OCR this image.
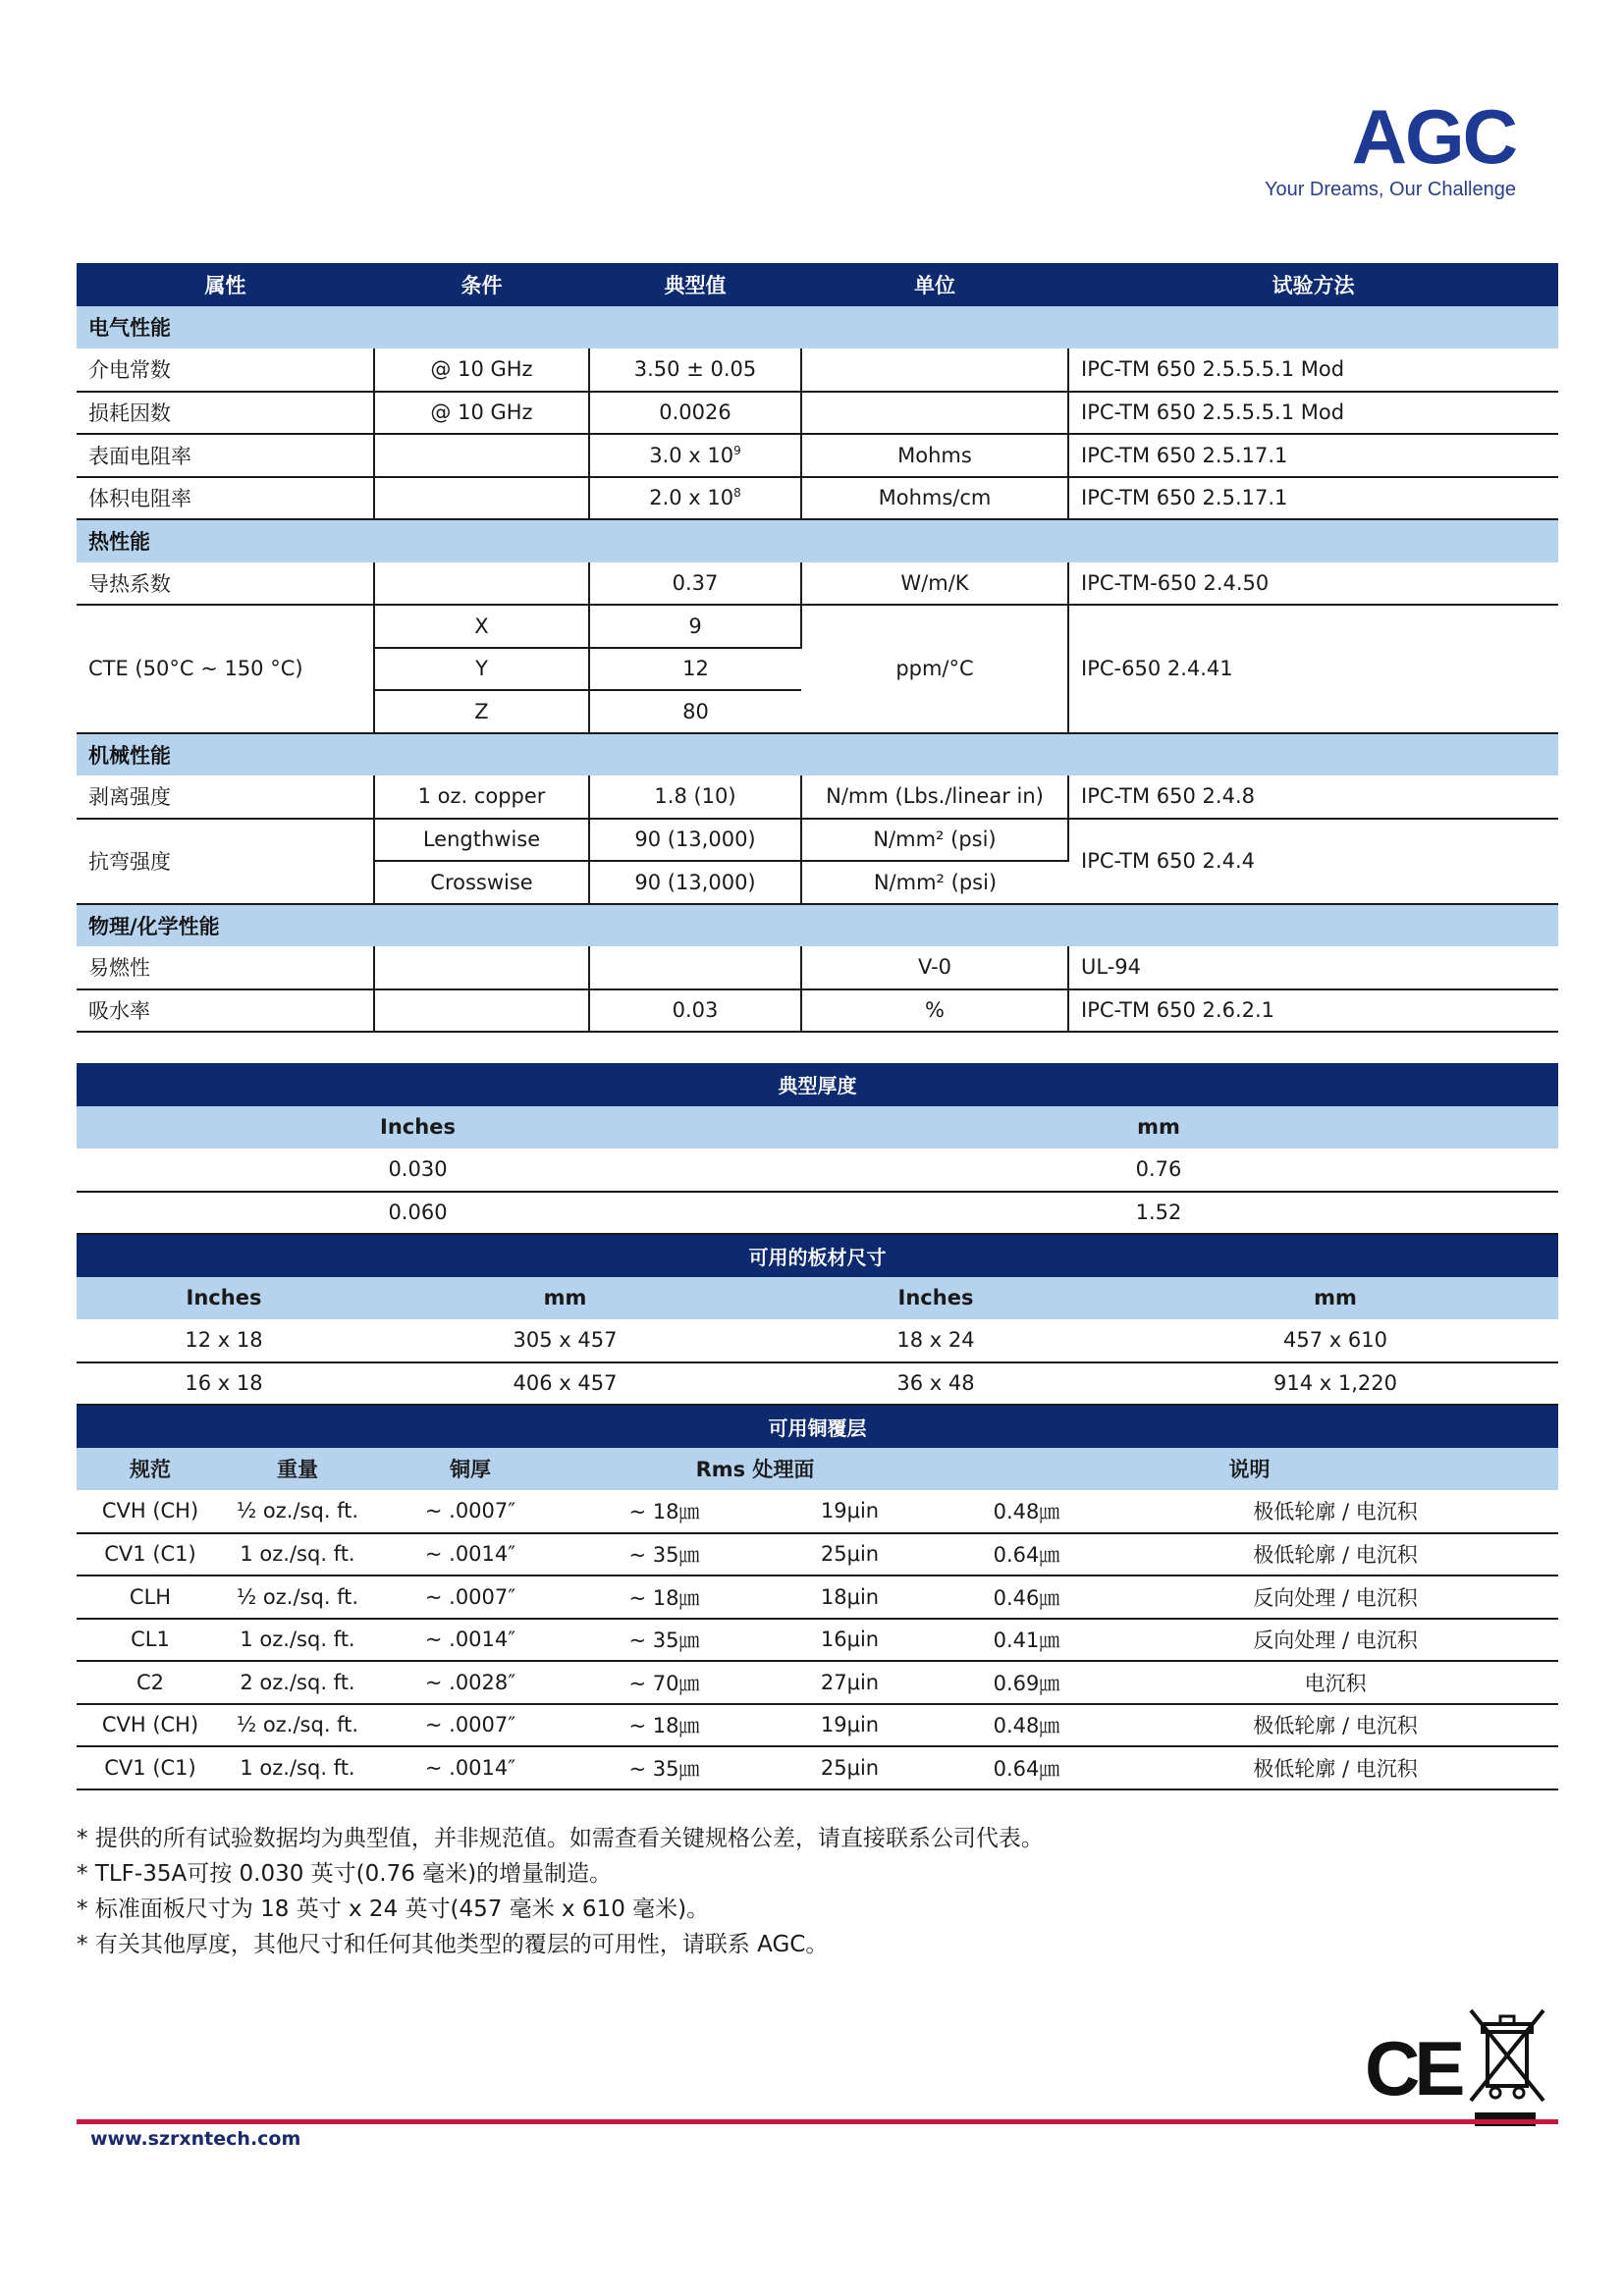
AGC
Your Dreams, Our Challenge
属性	条件	典型值	单位	试验方法
电气性能				
介电常数	@ 10 GHz	3.50 ± 0.05		IPC-TM 650 2.5.5.5.1 Mod
损耗因数	@ 10 GHz	0.0026		IPC-TM 650 2.5.5.5.1 Mod
表面电阻率		3.0 x $10^9$	Mohms	IPC-TM 650 2.5.17.1
体积电阻率		2.0 x $10^8$	Mohms/cm	IPC-TM 650 2.5.17.1
热性能				
导热系数		0.37	W/m/K	IPC-TM-650 2.4.50
CTE (50°C ~ 150 °C)	X	9	ppm/°C	IPC-650 2.4.41
	Y	12		
	Z	80		
机械性能				
剥离强度	1 oz. copper	1.8 (10)	N/mm (Lbs./linear in)	IPC-TM 650 2.4.8
抗弯强度	Lengthwise	90 (13,000)	N/mm² (psi)	IPC-TM 650 2.4.4
	Crosswise	90 (13,000)	N/mm² (psi)	
物理/化学性能				
易燃性			V-0	UL-94
吸水率		0.03	%	IPC-TM 650 2.6.2.1
典型厚度						
Inches				mm		
0.030				0.76		
0.060				1.52		
可用的板材尺寸						
Inches		mm		Inches		mm
12 x 18		305 x 457		18 x 24		457 x 610
16 x 18		406 x 457		36 x 48		914 x 1,220
可用铜覆层						
规范	重量	铜厚	Rms 处理面		说明	
CVH (CH)	½ oz./sq. ft.	~ .0007″	~ 18㎛	19μin	0.48㎛	极低轮廓 / 电沉积
CV1 (C1)	1 oz./sq. ft.	~ .0014″	~ 35㎛	25μin	0.64㎛	极低轮廓 / 电沉积
CLH	½ oz./sq. ft.	~ .0007″	~ 18㎛	18μin	0.46㎛	反向处理 / 电沉积
CL1	1 oz./sq. ft.	~ .0014″	~ 35㎛	16μin	0.41㎛	反向处理 / 电沉积
C2	2 oz./sq. ft.	~ .0028″	~ 70㎛	27μin	0.69㎛	电沉积
CVH (CH)	½ oz./sq. ft.	~ .0007″	~ 18㎛	19μin	0.48㎛	极低轮廓 / 电沉积
CV1 (C1)	1 oz./sq. ft.	~ .0014″	~ 35㎛	25μin	0.64㎛	极低轮廓 / 电沉积
* 提供的所有试验数据均为典型值，并非规范值。如需查看关键规格公差，请直接联系公司代表。
* TLF-35A可按 0.030 英寸(0.76 毫米)的增量制造。
* 标准面板尺寸为 18 英寸 x 24 英寸(457 毫米 x 610 毫米)。
* 有关其他厚度，其他尺寸和任何其他类型的覆层的可用性，请联系 AGC。
CE
www.szrxntech.com
